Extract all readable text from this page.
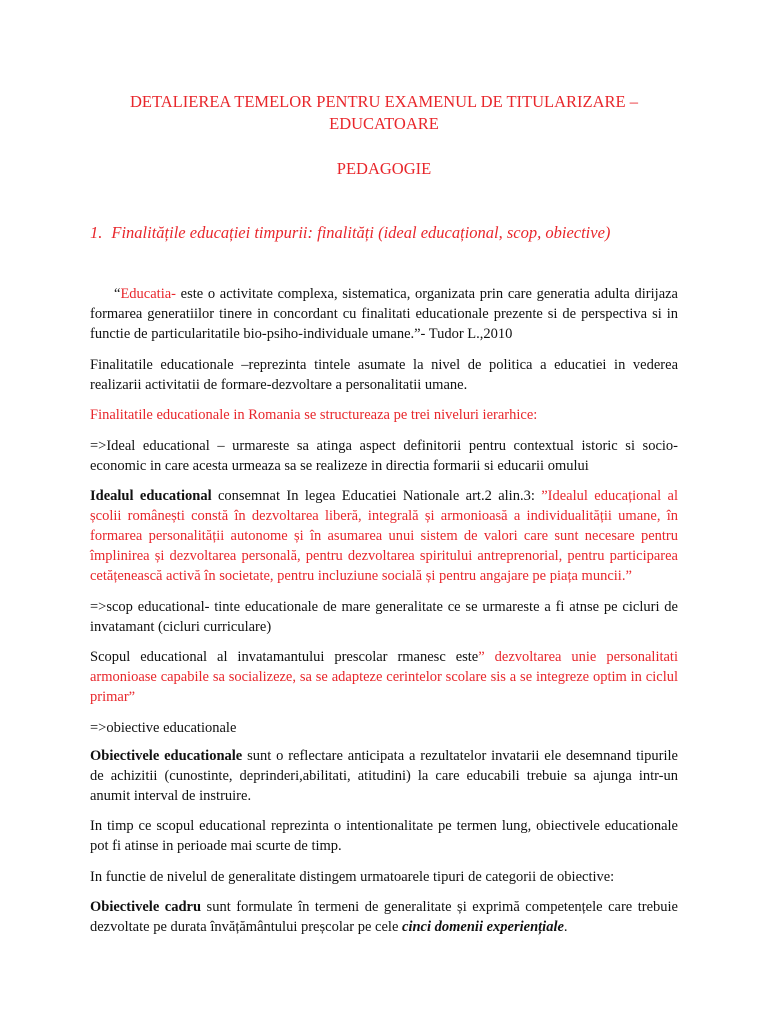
DETALIEREA TEMELOR PENTRU EXAMENUL DE TITULARIZARE –
EDUCATOARE
PEDAGOGIE
1. Finalitățile educației timpurii: finalități (ideal educațional, scop, obiective)

“Educatia- este o activitate complexa, sistematica, organizata prin care generatia adulta dirijaza formarea generatiilor tinere in concordant cu finalitati educationale prezente si de perspectiva si in functie de particularitatile bio-psiho-individuale umane.”- Tudor L.,2010

Finalitatile educationale –reprezinta tintele asumate la nivel de politica a educatiei in vederea realizarii activitatii de formare-dezvoltare a personalitatii umane.

Finalitatile educationale in Romania se structureaza pe trei niveluri ierarhice:

=>Ideal educational – urmareste sa atinga aspect definitorii pentru contextual istoric si socio-economic in care acesta urmeaza sa se realizeze in directia formarii si educarii omului

Idealul educational consemnat In legea Educatiei Nationale art.2 alin.3: ”Idealul educațional al școlii românești constă în dezvoltarea liberă, integrală și armonioasă a individualității umane, în formarea personalității autonome și în asumarea unui sistem de valori care sunt necesare pentru împlinirea și dezvoltarea personală, pentru dezvoltarea spiritului antreprenorial, pentru participarea cetățenească activă în societate, pentru incluziune socială și pentru angajare pe piața muncii.”

=>scop educational- tinte educationale de mare generalitate ce se urmareste a fi atnse pe cicluri de invatamant (cicluri curriculare)

Scopul educational al invatamantului prescolar rmanesc este” dezvoltarea unie personalitati armonioase capabile sa socializeze, sa se adapteze cerintelor scolare sis a se integreze optim in ciclul primar”

=>obiective educationale

Obiectivele educationale sunt o reflectare anticipata a rezultatelor invatarii ele desemnand tipurile de achizitii (cunostinte, deprinderi,abilitati, atitudini) la care educabili trebuie sa ajunga intr-un anumit interval de instruire.

In timp ce scopul educational reprezinta o intentionalitate pe termen lung, obiectivele educationale pot fi atinse in perioade mai scurte de timp.

In functie de nivelul de generalitate distingem urmatoarele tipuri de categorii de obiective:

Obiectivele cadru sunt formulate în termeni de generalitate și exprimă competențele care trebuie dezvoltate pe durata învățământului preșcolar pe cele cinci domenii experiențiale.
